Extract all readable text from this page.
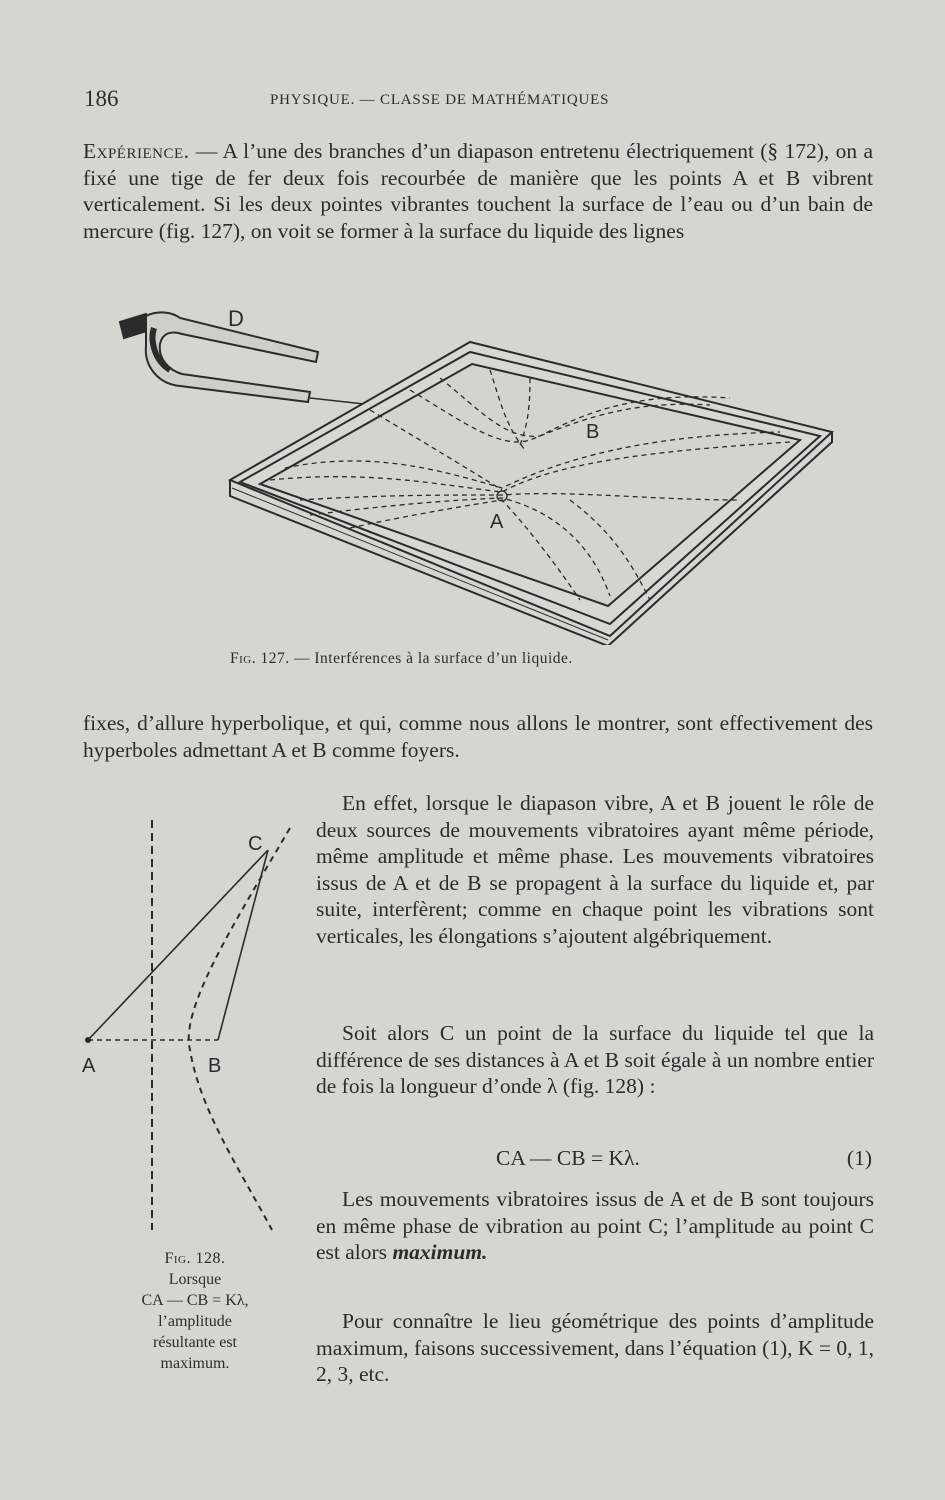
186	PHYSIQUE. — CLASSE DE MATHÉMATIQUES

Expérience. — A l’une des branches d’un diapason entretenu électriquement (§ 172), on a fixé une tige de fer deux fois recourbée de manière que les points A et B vibrent verticalement. Si les deux pointes vibrantes touchent la surface de l’eau ou d’un bain de mercure (fig. 127), on voit se former à la surface du liquide des lignes

D
B
A
Fig. 127. — Interférences à la surface d’un liquide.

fixes, d’allure hyperbolique, et qui, comme nous allons le montrer, sont effectivement des hyperboles admettant A et B comme foyers.

A	B
C
Fig. 128.
Lorsque
CA — CB = Kλ,
l’amplitude
résultante est
maximum.

En effet, lorsque le diapason vibre, A et B jouent le rôle de deux sources de mouvements vibratoires ayant même période, même amplitude et même phase. Les mouvements vibratoires issus de A et de B se propagent à la surface du liquide et, par suite, interfèrent; comme en chaque point les vibrations sont verticales, les élongations s’ajoutent algébriquement.

Soit alors C un point de la surface du liquide tel que la différence de ses distances à A et B soit égale à un nombre entier de fois la longueur d’onde λ (fig. 128) :

CA — CB = Kλ.	(1)

Les mouvements vibratoires issus de A et de B sont toujours en même phase de vibration au point C; l’amplitude au point C est alors maximum.

Pour connaître le lieu géométrique des points d’amplitude maximum, faisons successivement, dans l’équation (1), K = 0, 1, 2, 3, etc.
